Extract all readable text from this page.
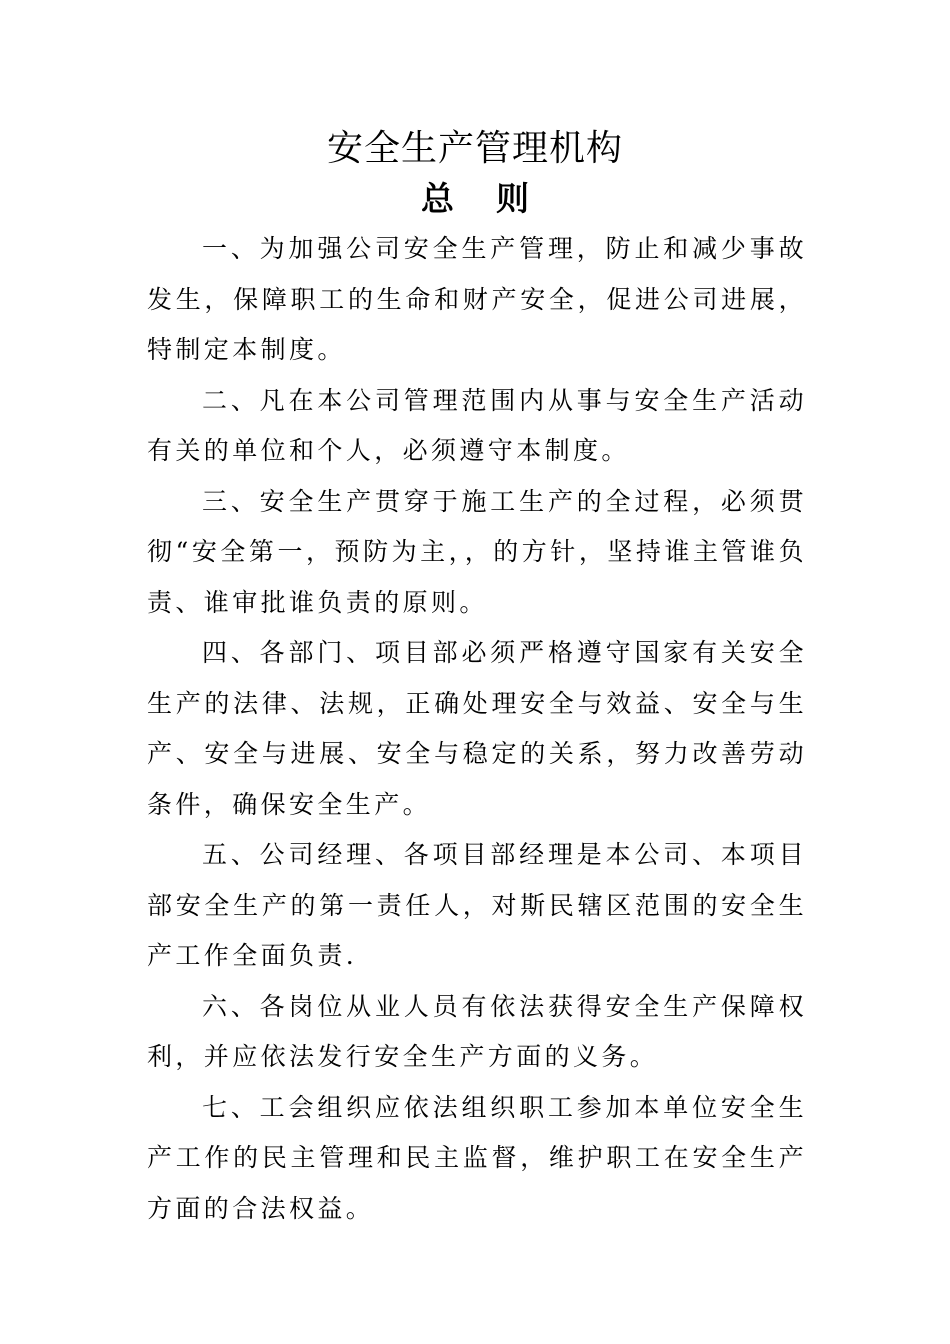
安全生产管理机构
总 则

一、为加强公司安全生产管理，防止和减少事故发生，保障职工的生命和财产安全，促进公司进展，特制定本制度。

二、凡在本公司管理范围内从事与安全生产活动有关的单位和个人，必须遵守本制度。

三、安全生产贯穿于施工生产的全过程，必须贯彻“安全第一，预防为主，，的方针，坚持谁主管谁负责、谁审批谁负责的原则。

四、各部门、项目部必须严格遵守国家有关安全生产的法律、法规，正确处理安全与效益、安全与生产、安全与进展、安全与稳定的关系，努力改善劳动条件，确保安全生产。

五、公司经理、各项目部经理是本公司、本项目部安全生产的第一责任人，对斯民辖区范围的安全生产工作全面负责.

六、各岗位从业人员有依法获得安全生产保障权利，并应依法发行安全生产方面的义务。

七、工会组织应依法组织职工参加本单位安全生产工作的民主管理和民主监督，维护职工在安全生产方面的合法权益。
